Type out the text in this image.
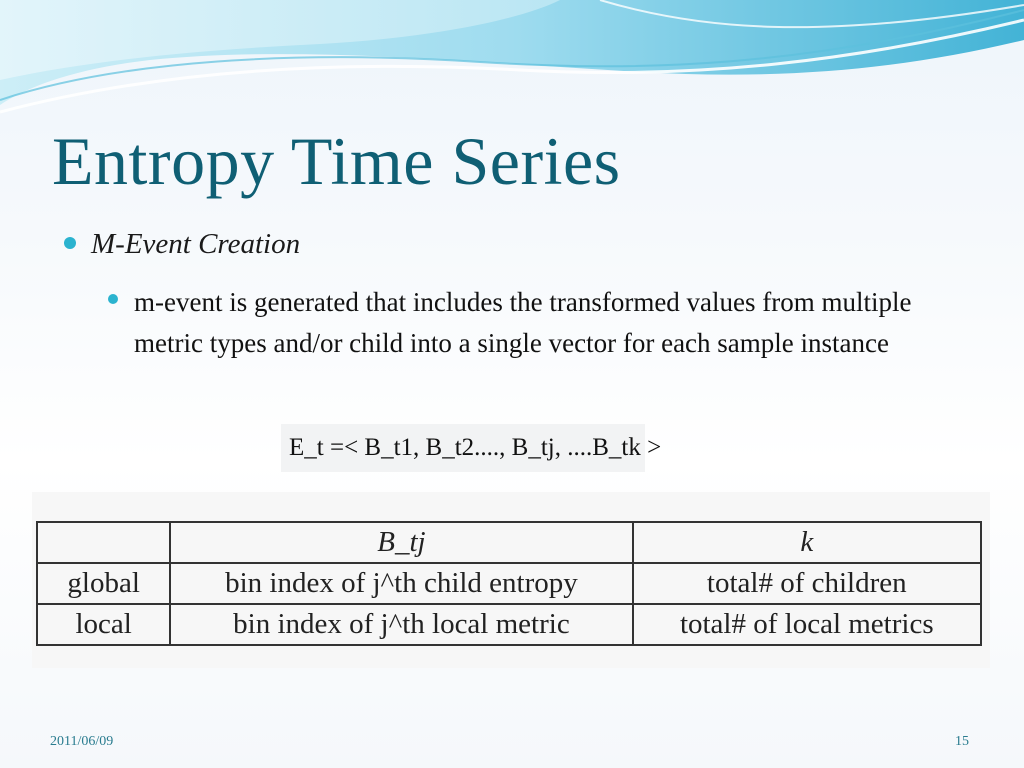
Entropy Time Series
M-Event Creation
m-event is generated that includes the transformed values from multiple metric types and/or child into a single vector for each sample instance
E_t =< B_t1, B_t2...., B_tj, ....B_tk >
	B_tj	k
global	bin index of j^th child entropy	total# of children
local	bin index of j^th local metric	total# of local metrics
2011/06/09	15
